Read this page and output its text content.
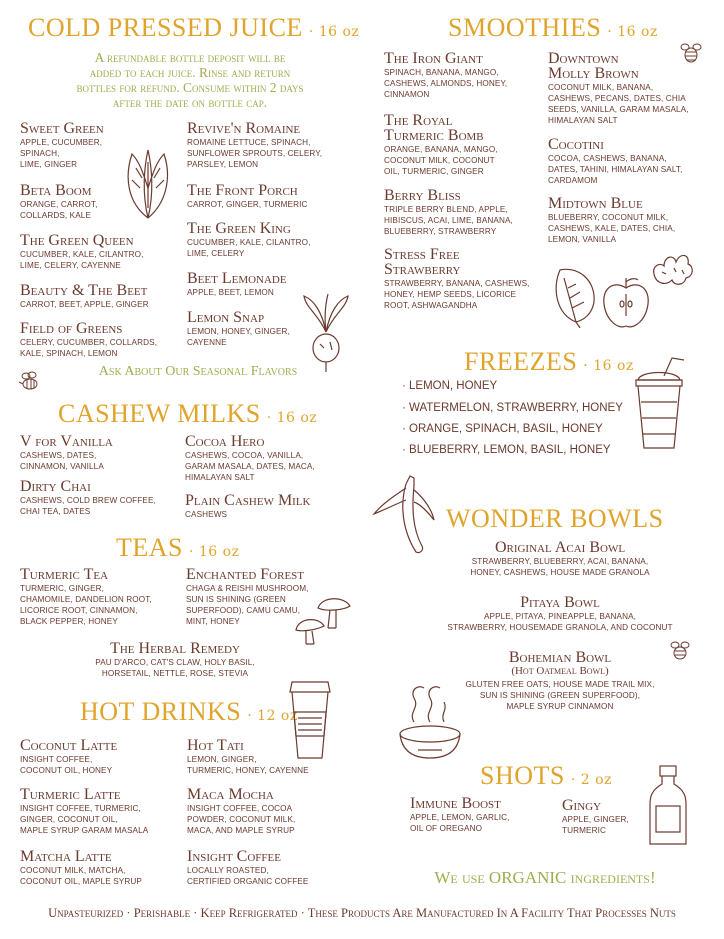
COLD PRESSED JUICE · 16 oz
A refundable bottle deposit will be
added to each juice. Rinse and return
bottles for refund. Consume within 2 days
after the date on bottle cap.
Sweet Green
APPLE, CUCUMBER,
SPINACH,
LIME, GINGER
Beta Boom
ORANGE, CARROT,
COLLARDS, KALE
The Green Queen
CUCUMBER, KALE, CILANTRO,
LIME, CELERY, CAYENNE
Beauty & The Beet
CARROT, BEET, APPLE, GINGER
Field of Greens
CELERY, CUCUMBER, COLLARDS,
KALE, SPINACH, LEMON
Revive'n Romaine
ROMAINE LETTUCE, SPINACH,
SUNFLOWER SPROUTS, CELERY,
PARSLEY, LEMON
The Front Porch
CARROT, GINGER, TURMERIC
The Green King
CUCUMBER, KALE, CILANTRO,
LIME, CELERY
Beet Lemonade
APPLE, BEET, LEMON
Lemon Snap
LEMON, HONEY, GINGER,
CAYENNE
Ask About Our Seasonal Flavors
CASHEW MILKS · 16 oz
V for Vanilla
CASHEWS, DATES,
CINNAMON, VANILLA
Dirty Chai
CASHEWS, COLD BREW COFFEE,
CHAI TEA, DATES
Cocoa Hero
CASHEWS, COCOA, VANILLA,
GARAM MASALA, DATES, MACA,
HIMALAYAN SALT
Plain Cashew Milk
CASHEWS
TEAS · 16 oz
Turmeric Tea
TURMERIC, GINGER,
CHAMOMILE, DANDELION ROOT,
LICORICE ROOT, CINNAMON,
BLACK PEPPER, HONEY
Enchanted Forest
CHAGA & REISHI MUSHROOM,
SUN IS SHINING (GREEN
SUPERFOOD), CAMU CAMU,
MINT, HONEY
The Herbal Remedy
PAU D'ARCO, CAT'S CLAW, HOLY BASIL,
HORSETAIL, NETTLE, ROSE, STEVIA
HOT DRINKS · 12 oz
Coconut Latte
INSIGHT COFFEE,
COCONUT OIL, HONEY
Turmeric Latte
INSIGHT COFFEE, TURMERIC,
GINGER, COCONUT OIL,
MAPLE SYRUP GARAM MASALA
Matcha Latte
COCONUT MILK, MATCHA,
COCONUT OIL, MAPLE SYRUP
Hot Tati
LEMON, GINGER,
TURMERIC, HONEY, CAYENNE
Maca Mocha
INSIGHT COFFEE, COCOA
POWDER, COCONUT MILK,
MACA, AND MAPLE SYRUP
Insight Coffee
LOCALLY ROASTED,
CERTIFIED ORGANIC COFFEE
SMOOTHIES · 16 oz
The Iron Giant
SPINACH, BANANA, MANGO,
CASHEWS, ALMONDS, HONEY,
CINNAMON
The Royal
Turmeric Bomb
ORANGE, BANANA, MANGO,
COCONUT MILK, COCONUT
OIL, TURMERIC, GINGER
Berry Bliss
TRIPLE BERRY BLEND, APPLE,
HIBISCUS, ACAI, LIME, BANANA,
BLUEBERRY, STRAWBERRY
Stress Free
Strawberry
STRAWBERRY, BANANA, CASHEWS,
HONEY, HEMP SEEDS, LICORICE
ROOT, ASHWAGANDHA
Downtown
Molly Brown
COCONUT MILK, BANANA,
CASHEWS, PECANS, DATES, CHIA
SEEDS, VANILLA, GARAM MASALA,
HIMALAYAN SALT
Cocotini
COCOA, CASHEWS, BANANA,
DATES, TAHINI, HIMALAYAN SALT,
CARDAMOM
Midtown Blue
BLUEBERRY, COCONUT MILK,
CASHEWS, KALE, DATES, CHIA,
LEMON, VANILLA
FREEZES · 16 oz
· LEMON, HONEY
· WATERMELON, STRAWBERRY, HONEY
· ORANGE, SPINACH, BASIL, HONEY
· BLUEBERRY, LEMON, BASIL, HONEY
WONDER BOWLS
Original Acai Bowl
STRAWBERRY, BLUEBERRY, ACAI, BANANA,
HONEY, CASHEWS, HOUSE MADE GRANOLA
Pitaya Bowl
APPLE, PITAYA, PINEAPPLE, BANANA,
STRAWBERRY, HOUSEMADE GRANOLA, AND COCONUT
Bohemian Bowl
(Hot Oatmeal Bowl)
GLUTEN FREE OATS, HOUSE MADE TRAIL MIX,
SUN IS SHINING (GREEN SUPERFOOD),
MAPLE SYRUP CINNAMON
SHOTS · 2 oz
Immune Boost
APPLE, LEMON, GARLIC,
OIL OF OREGANO
Gingy
APPLE, GINGER,
TURMERIC
We use ORGANIC ingredients!
Unpasteurized · Perishable · Keep Refrigerated · These Products Are Manufactured In A Facility That Processes Nuts
